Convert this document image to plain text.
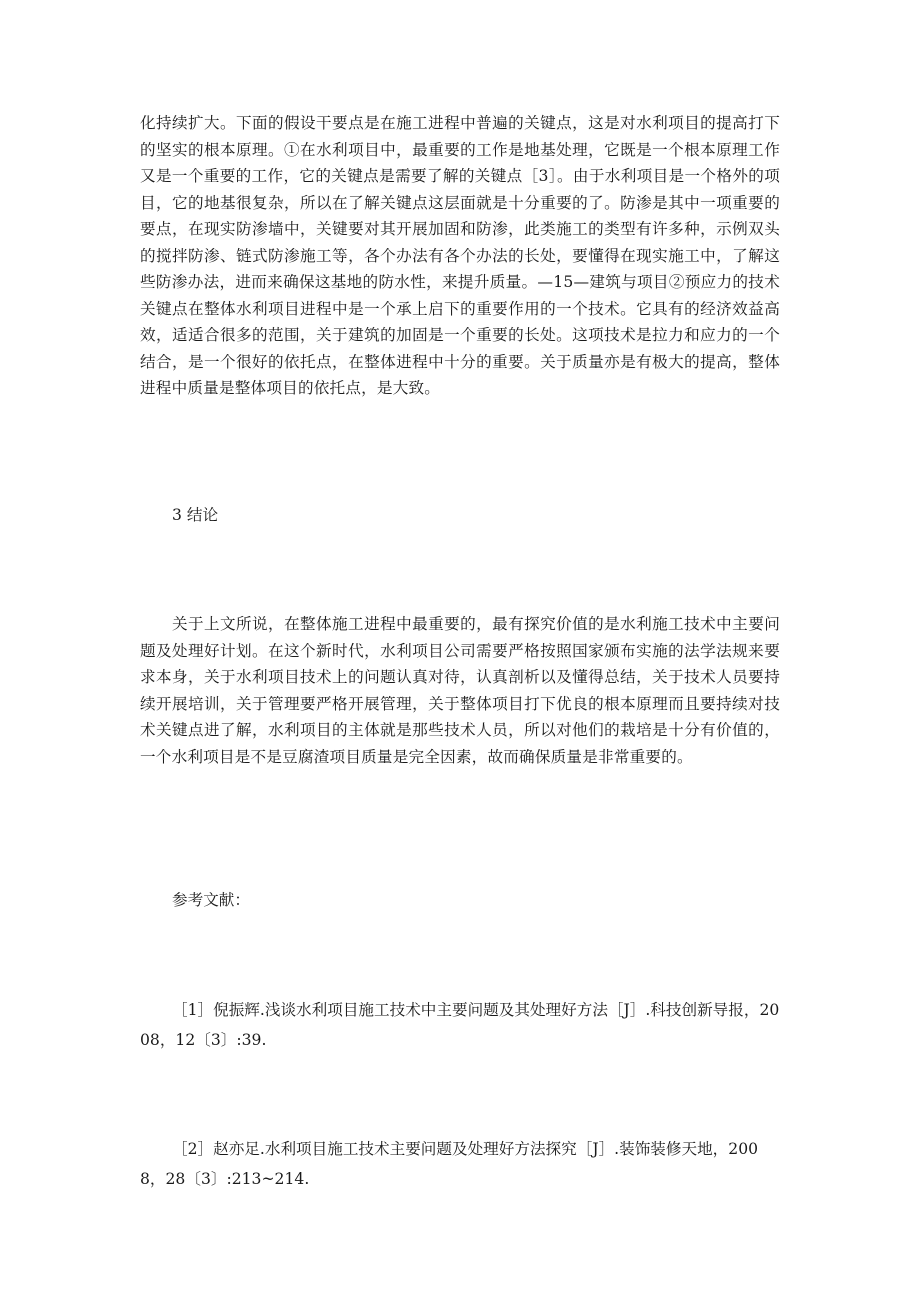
化持续扩大。下面的假设干要点是在施工进程中普遍的关键点，这是对水利项目的提高打下的坚实的根本原理。①在水利项目中，最重要的工作是地基处理，它既是一个根本原理工作又是一个重要的工作，它的关键点是需要了解的关键点［3］。由于水利项目是一个格外的项目，它的地基很复杂，所以在了解关键点这层面就是十分重要的了。防渗是其中一项重要的要点，在现实防渗墙中，关键要对其开展加固和防渗，此类施工的类型有许多种，示例双头的搅拌防渗、链式防渗施工等，各个办法有各个办法的长处，要懂得在现实施工中，了解这些防渗办法，进而来确保这基地的防水性，来提升质量。—15—建筑与项目②预应力的技术关键点在整体水利项目进程中是一个承上启下的重要作用的一个技术。它具有的经济效益高效，适适合很多的范围，关于建筑的加固是一个重要的长处。这项技术是拉力和应力的一个结合，是一个很好的依托点，在整体进程中十分的重要。关于质量亦是有极大的提高，整体进程中质量是整体项目的依托点，是大致。

3 结论

关于上文所说，在整体施工进程中最重要的，最有探究价值的是水利施工技术中主要问题及处理好计划。在这个新时代，水利项目公司需要严格按照国家颁布实施的法学法规来要求本身，关于水利项目技术上的问题认真对待，认真剖析以及懂得总结，关于技术人员要持续开展培训，关于管理要严格开展管理，关于整体项目打下优良的根本原理而且要持续对技术关键点进了解，水利项目的主体就是那些技术人员，所以对他们的栽培是十分有价值的，一个水利项目是不是豆腐渣项目质量是完全因素，故而确保质量是非常重要的。

参考文献：

［1］倪振辉.浅谈水利项目施工技术中主要问题及其处理好方法［J］.科技创新导报，2008，12〔3〕:39.

［2］赵亦足.水利项目施工技术主要问题及处理好方法探究［J］.装饰装修天地，2008，28〔3〕:213~214.
